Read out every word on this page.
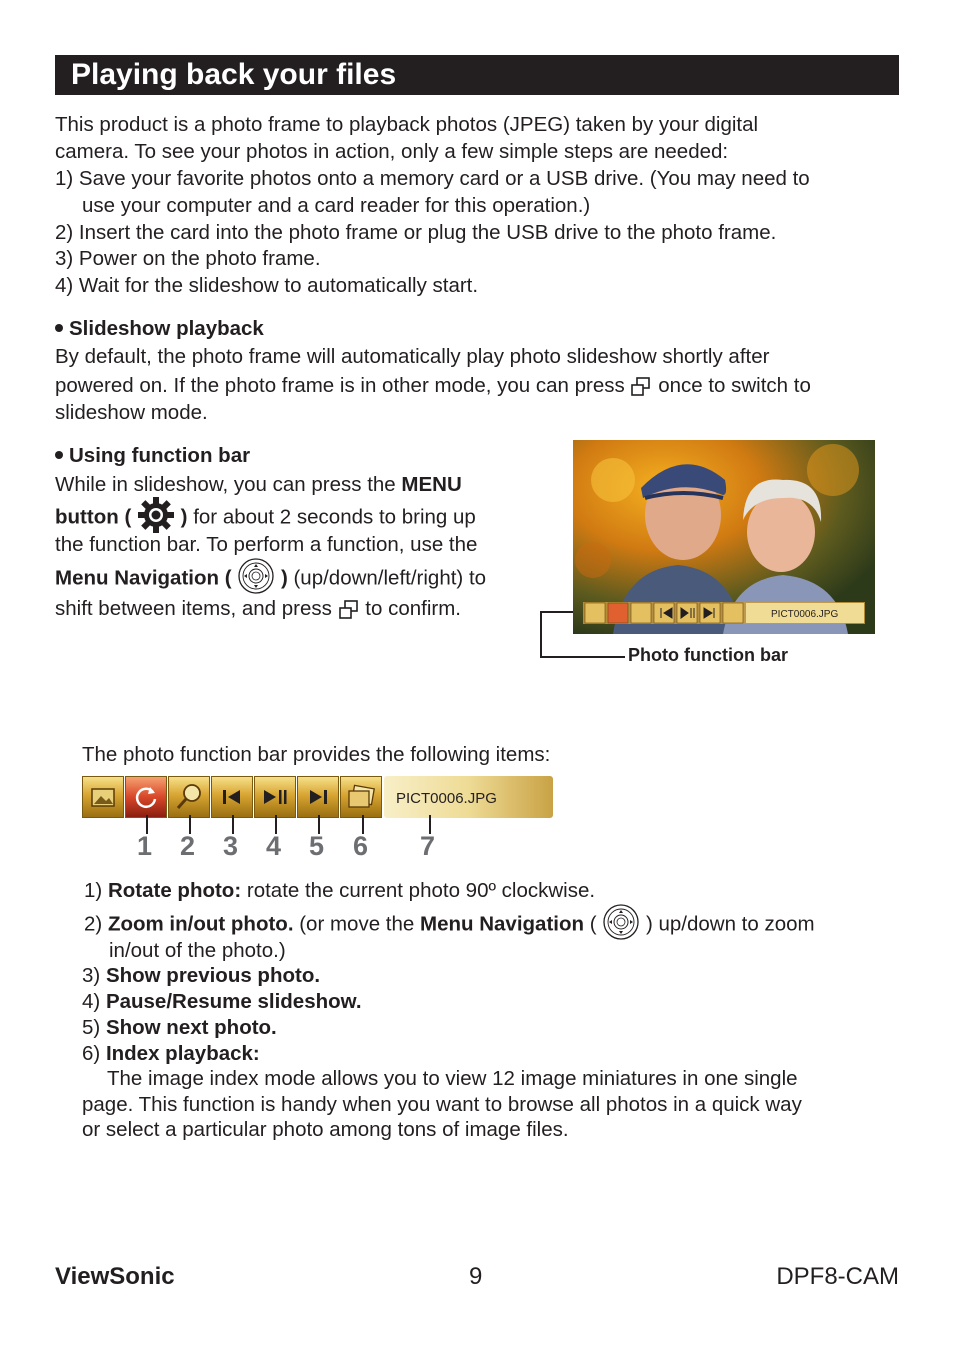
Playing back your files
This product is a photo frame to playback photos (JPEG) taken by your digital
camera. To see your photos in action, only a few simple steps are needed:
1) Save your favorite photos onto a memory card or a USB drive. (You may need to
use your computer and a card reader for this operation.)
2) Insert the card into the photo frame or plug the USB drive to the photo frame.
3) Power on the photo frame.
4) Wait for the slideshow to automatically start.
Slideshow playback
By default, the photo frame will automatically play photo slideshow shortly after
powered on. If the photo frame is in other mode, you can press once to switch to
slideshow mode.
Using function bar
While in slideshow, you can press the MENU
button ( ) for about 2 seconds to bring up
the function bar. To perform a function, use the
Menu Navigation ( ) (up/down/left/right) to
shift between items, and press to confirm.	PICT0006.JPG
Photo function bar
The photo function bar provides the following items:
PICT0006.JPG
1 2 3 4 5 6 7
1) Rotate photo: rotate the current photo 90º clockwise.
2) Zoom in/out photo. (or move the Menu Navigation ( ) up/down to zoom
in/out of the photo.)
3) Show previous photo.
4) Pause/Resume slideshow.
5) Show next photo.
6) Index playback:
The image index mode allows you to view 12 image miniatures in one single
page. This function is handy when you want to browse all photos in a quick way
or select a particular photo among tons of image files.
ViewSonic	9	DPF8-CAM
